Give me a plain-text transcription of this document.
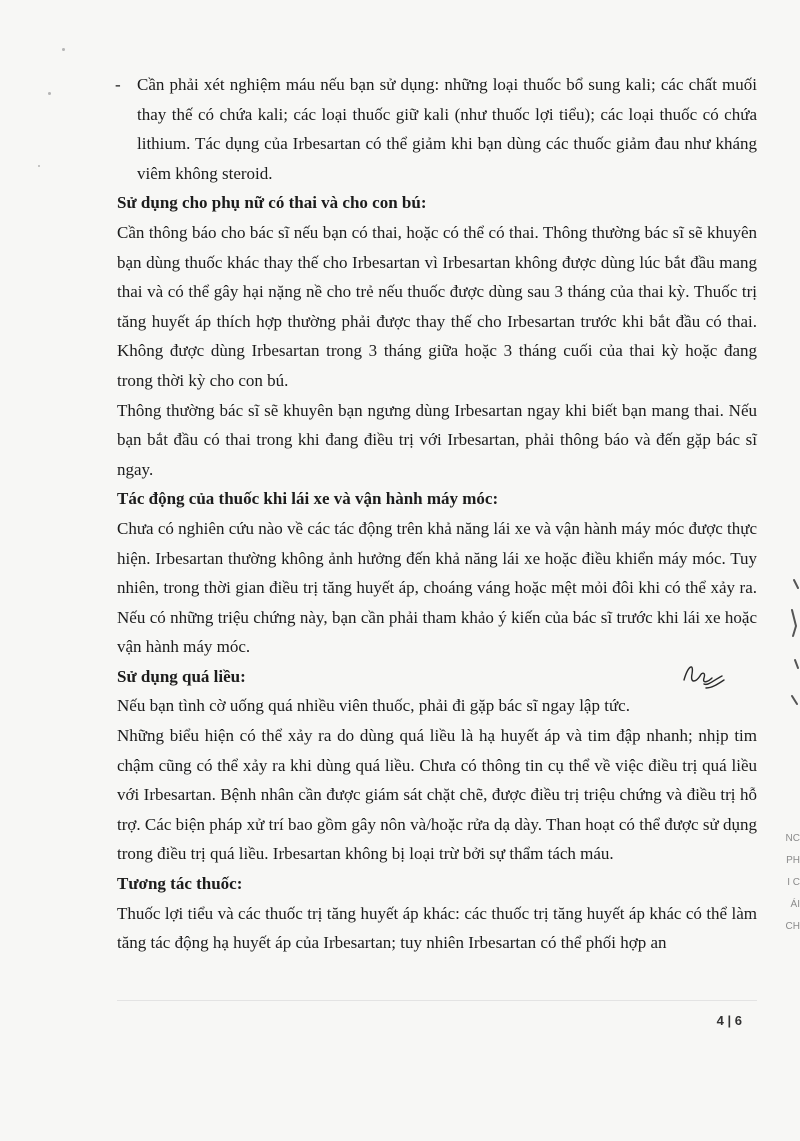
- Cần phải xét nghiệm máu nếu bạn sử dụng: những loại thuốc bổ sung kali; các chất muối thay thế có chứa kali; các loại thuốc giữ kali (như thuốc lợi tiểu); các loại thuốc có chứa lithium. Tác dụng của Irbesartan có thể giảm khi bạn dùng các thuốc giảm đau như kháng viêm không steroid.
Sử dụng cho phụ nữ có thai và cho con bú:

Cần thông báo cho bác sĩ nếu bạn có thai, hoặc có thể có thai. Thông thường bác sĩ sẽ khuyên bạn dùng thuốc khác thay thế cho Irbesartan vì Irbesartan không được dùng lúc bắt đầu mang thai và có thể gây hại nặng nề cho trẻ nếu thuốc được dùng sau 3 tháng của thai kỳ. Thuốc trị tăng huyết áp thích hợp thường phải được thay thế cho Irbesartan trước khi bắt đầu có thai. Không được dùng Irbesartan trong 3 tháng giữa hoặc 3 tháng cuối của thai kỳ hoặc đang trong thời kỳ cho con bú.

Thông thường bác sĩ sẽ khuyên bạn ngưng dùng Irbesartan ngay khi biết bạn mang thai. Nếu bạn bắt đầu có thai trong khi đang điều trị với Irbesartan, phải thông báo và đến gặp bác sĩ ngay.

Tác động của thuốc khi lái xe và vận hành máy móc:

Chưa có nghiên cứu nào về các tác động trên khả năng lái xe và vận hành máy móc được thực hiện. Irbesartan thường không ảnh hưởng đến khả năng lái xe hoặc điều khiển máy móc. Tuy nhiên, trong thời gian điều trị tăng huyết áp, choáng váng hoặc mệt mỏi đôi khi có thể xảy ra. Nếu có những triệu chứng này, bạn cần phải tham khảo ý kiến của bác sĩ trước khi lái xe hoặc vận hành máy móc.

Sử dụng quá liều:

Nếu bạn tình cờ uống quá nhiều viên thuốc, phải đi gặp bác sĩ ngay lập tức.

Những biểu hiện có thể xảy ra do dùng quá liều là hạ huyết áp và tim đập nhanh; nhịp tim chậm cũng có thể xảy ra khi dùng quá liều. Chưa có thông tin cụ thể về việc điều trị quá liều với Irbesartan. Bệnh nhân cần được giám sát chặt chẽ, được điều trị triệu chứng và điều trị hỗ trợ. Các biện pháp xử trí bao gồm gây nôn và/hoặc rửa dạ dày. Than hoạt có thể được sử dụng trong điều trị quá liều. Irbesartan không bị loại trừ bởi sự thẩm tách máu.

Tương tác thuốc:

Thuốc lợi tiểu và các thuốc trị tăng huyết áp khác: các thuốc trị tăng huyết áp khác có thể làm tăng tác động hạ huyết áp của Irbesartan; tuy nhiên Irbesartan có thể phối hợp an

NC
PH
I C
ÁI
CH
4 | 6
